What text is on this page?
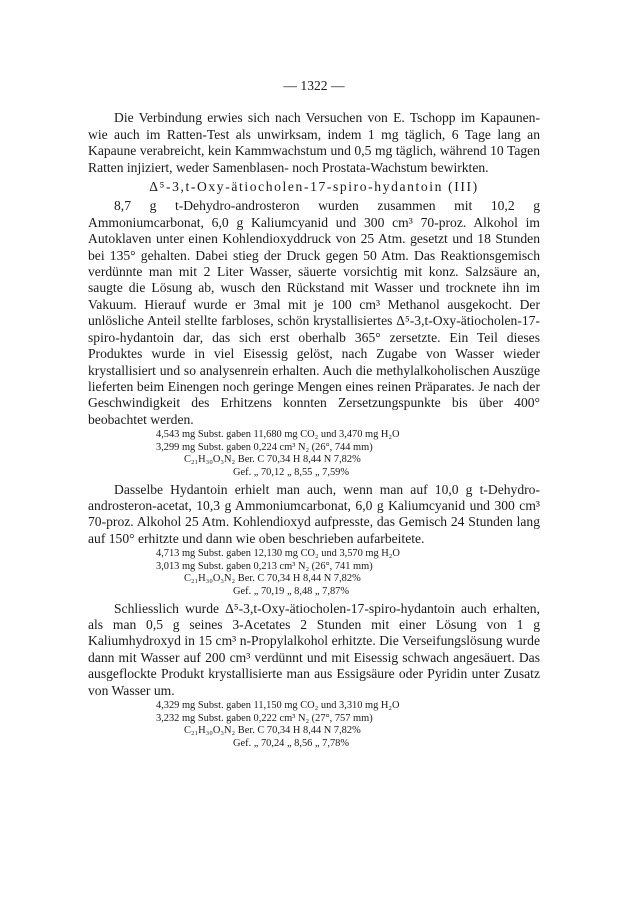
— 1322 —

Die Verbindung erwies sich nach Versuchen von E. Tschopp im Kapaunen- wie auch im Ratten-Test als unwirksam, indem 1 mg täglich, 6 Tage lang an Kapaune verabreicht, kein Kammwachstum und 0,5 mg täglich, während 10 Tagen Ratten injiziert, weder Samenblasen- noch Prostata-Wachstum bewirkten.

Δ⁵-3,t-Oxy-ätiocholen-17-spiro-hydantoin (III)

8,7 g t-Dehydro-androsteron wurden zusammen mit 10,2 g Ammoniumcarbonat, 6,0 g Kaliumcyanid und 300 cm³ 70-proz. Alkohol im Autoklaven unter einen Kohlendioxyddruck von 25 Atm. gesetzt und 18 Stunden bei 135° gehalten. Dabei stieg der Druck gegen 50 Atm. Das Reaktionsgemisch verdünnte man mit 2 Liter Wasser, säuerte vorsichtig mit konz. Salzsäure an, saugte die Lösung ab, wusch den Rückstand mit Wasser und trocknete ihn im Vakuum. Hierauf wurde er 3mal mit je 100 cm³ Methanol ausgekocht. Der unlösliche Anteil stellte farbloses, schön krystallisiertes Δ⁵-3,t-Oxy-ätiocholen-17-spiro-hydantoin dar, das sich erst oberhalb 365° zersetzte. Ein Teil dieses Produktes wurde in viel Eisessig gelöst, nach Zugabe von Wasser wieder krystallisiert und so analysenrein erhalten. Auch die methylalkoholischen Auszüge lieferten beim Einengen noch geringe Mengen eines reinen Präparates. Je nach der Geschwindigkeit des Erhitzens konnten Zersetzungspunkte bis über 400° beobachtet werden.

4,543 mg Subst. gaben 11,680 mg CO₂ und 3,470 mg H₂O
3,299 mg Subst. gaben 0,224 cm³ N₂ (26°, 744 mm)
C₂₁H₃₀O₃N₂ Ber. C 70,34 H 8,44 N 7,82%
Gef. „ 70,12 „ 8,55 „ 7,59%

Dasselbe Hydantoin erhielt man auch, wenn man auf 10,0 g t-Dehydro-androsteron-acetat, 10,3 g Ammoniumcarbonat, 6,0 g Kaliumcyanid und 300 cm³ 70-proz. Alkohol 25 Atm. Kohlendioxyd aufpresste, das Gemisch 24 Stunden lang auf 150° erhitzte und dann wie oben beschrieben aufarbeitete.

4,713 mg Subst. gaben 12,130 mg CO₂ und 3,570 mg H₂O
3,013 mg Subst. gaben 0,213 cm³ N₂ (26°, 741 mm)
C₂₁H₃₀O₃N₂ Ber. C 70,34 H 8,44 N 7,82%
Gef. „ 70,19 „ 8,48 „ 7,87%

Schliesslich wurde Δ⁵-3,t-Oxy-ätiocholen-17-spiro-hydantoin auch erhalten, als man 0,5 g seines 3-Acetates 2 Stunden mit einer Lösung von 1 g Kaliumhydroxyd in 15 cm³ n-Propylalkohol erhitzte. Die Verseifungslösung wurde dann mit Wasser auf 200 cm³ verdünnt und mit Eisessig schwach angesäuert. Das ausgeflockte Produkt krystallisierte man aus Essigsäure oder Pyridin unter Zusatz von Wasser um.

4,329 mg Subst. gaben 11,150 mg CO₂ und 3,310 mg H₂O
3,232 mg Subst. gaben 0,222 cm³ N₂ (27°, 757 mm)
C₂₁H₃₀O₃N₂ Ber. C 70,34 H 8,44 N 7,82%
Gef. „ 70,24 „ 8,56 „ 7,78%
